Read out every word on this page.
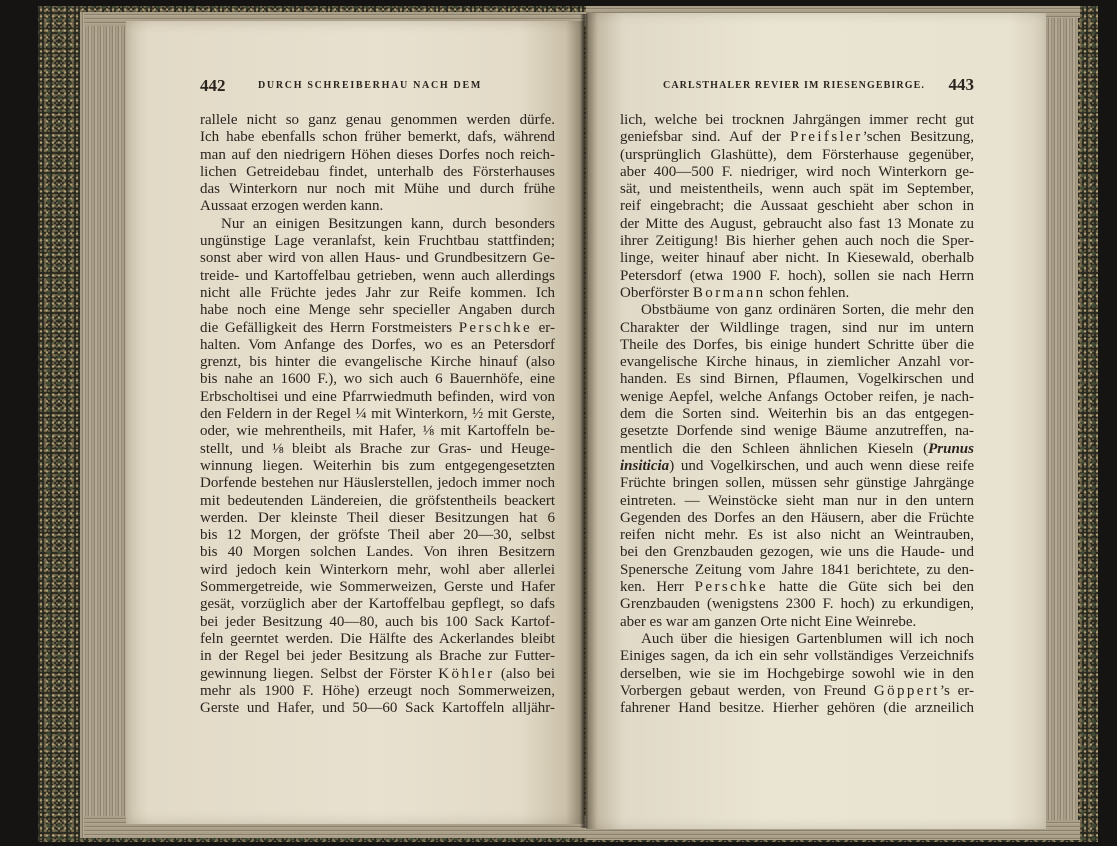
442	DURCH SCHREIBERHAU NACH DEM	CARLSTHALER REVIER IM RIESENGEBIRGE.	443
rallele nicht so ganz genau genommen werden dürfe.
Ich habe ebenfalls schon früher bemerkt, dafs, während
man auf den niedrigern Höhen dieses Dorfes noch reich-
lichen Getreidebau findet, unterhalb des Försterhauses
das Winterkorn nur noch mit Mühe und durch frühe
Aussaat erzogen werden kann.
Nur an einigen Besitzungen kann, durch besonders
ungünstige Lage veranlafst, kein Fruchtbau stattfinden;
sonst aber wird von allen Haus- und Grundbesitzern Ge-
treide- und Kartoffelbau getrieben, wenn auch allerdings
nicht alle Früchte jedes Jahr zur Reife kommen. Ich
habe noch eine Menge sehr specieller Angaben durch
die Gefälligkeit des Herrn Forstmeisters Perschke er-
halten. Vom Anfange des Dorfes, wo es an Petersdorf
grenzt, bis hinter die evangelische Kirche hinauf (also
bis nahe an 1600 F.), wo sich auch 6 Bauernhöfe, eine
Erbscholtisei und eine Pfarrwiedmuth befinden, wird von
den Feldern in der Regel ¼ mit Winterkorn, ½ mit Gerste,
oder, wie mehrentheils, mit Hafer, ⅛ mit Kartoffeln be-
stellt, und ⅛ bleibt als Brache zur Gras- und Heuge-
winnung liegen. Weiterhin bis zum entgegengesetzten
Dorfende bestehen nur Häuslerstellen, jedoch immer noch
mit bedeutenden Ländereien, die gröfstentheils beackert
werden. Der kleinste Theil dieser Besitzungen hat 6
bis 12 Morgen, der gröfste Theil aber 20—30, selbst
bis 40 Morgen solchen Landes. Von ihren Besitzern
wird jedoch kein Winterkorn mehr, wohl aber allerlei
Sommergetreide, wie Sommerweizen, Gerste und Hafer
gesät, vorzüglich aber der Kartoffelbau gepflegt, so dafs
bei jeder Besitzung 40—80, auch bis 100 Sack Kartof-
feln geerntet werden. Die Hälfte des Ackerlandes bleibt
in der Regel bei jeder Besitzung als Brache zur Futter-
gewinnung liegen. Selbst der Förster Köhler (also bei
mehr als 1900 F. Höhe) erzeugt noch Sommerweizen,
Gerste und Hafer, und 50—60 Sack Kartoffeln alljähr-
lich, welche bei trocknen Jahrgängen immer recht gut
geniefsbar sind. Auf der Preifsler’schen Besitzung,
(ursprünglich Glashütte), dem Försterhause gegenüber,
aber 400—500 F. niedriger, wird noch Winterkorn ge-
sät, und meistentheils, wenn auch spät im September,
reif eingebracht; die Aussaat geschieht aber schon in
der Mitte des August, gebraucht also fast 13 Monate zu
ihrer Zeitigung! Bis hierher gehen auch noch die Sper-
linge, weiter hinauf aber nicht. In Kiesewald, oberhalb
Petersdorf (etwa 1900 F. hoch), sollen sie nach Herrn
Oberförster Bormann schon fehlen.
Obstbäume von ganz ordinären Sorten, die mehr den
Charakter der Wildlinge tragen, sind nur im untern
Theile des Dorfes, bis einige hundert Schritte über die
evangelische Kirche hinaus, in ziemlicher Anzahl vor-
handen. Es sind Birnen, Pflaumen, Vogelkirschen und
wenige Aepfel, welche Anfangs October reifen, je nach-
dem die Sorten sind. Weiterhin bis an das entgegen-
gesetzte Dorfende sind wenige Bäume anzutreffen, na-
mentlich die den Schleen ähnlichen Kieseln (Prunus
insiticia) und Vogelkirschen, und auch wenn diese reife
Früchte bringen sollen, müssen sehr günstige Jahrgänge
eintreten. — Weinstöcke sieht man nur in den untern
Gegenden des Dorfes an den Häusern, aber die Früchte
reifen nicht mehr. Es ist also nicht an Weintrauben,
bei den Grenzbauden gezogen, wie uns die Haude- und
Spenersche Zeitung vom Jahre 1841 berichtete, zu den-
ken. Herr Perschke hatte die Güte sich bei den
Grenzbauden (wenigstens 2300 F. hoch) zu erkundigen,
aber es war am ganzen Orte nicht Eine Weinrebe.
Auch über die hiesigen Gartenblumen will ich noch
Einiges sagen, da ich ein sehr vollständiges Verzeichnifs
derselben, wie sie im Hochgebirge sowohl wie in den
Vorbergen gebaut werden, von Freund Göppert’s er-
fahrener Hand besitze. Hierher gehören (die arzneilich
